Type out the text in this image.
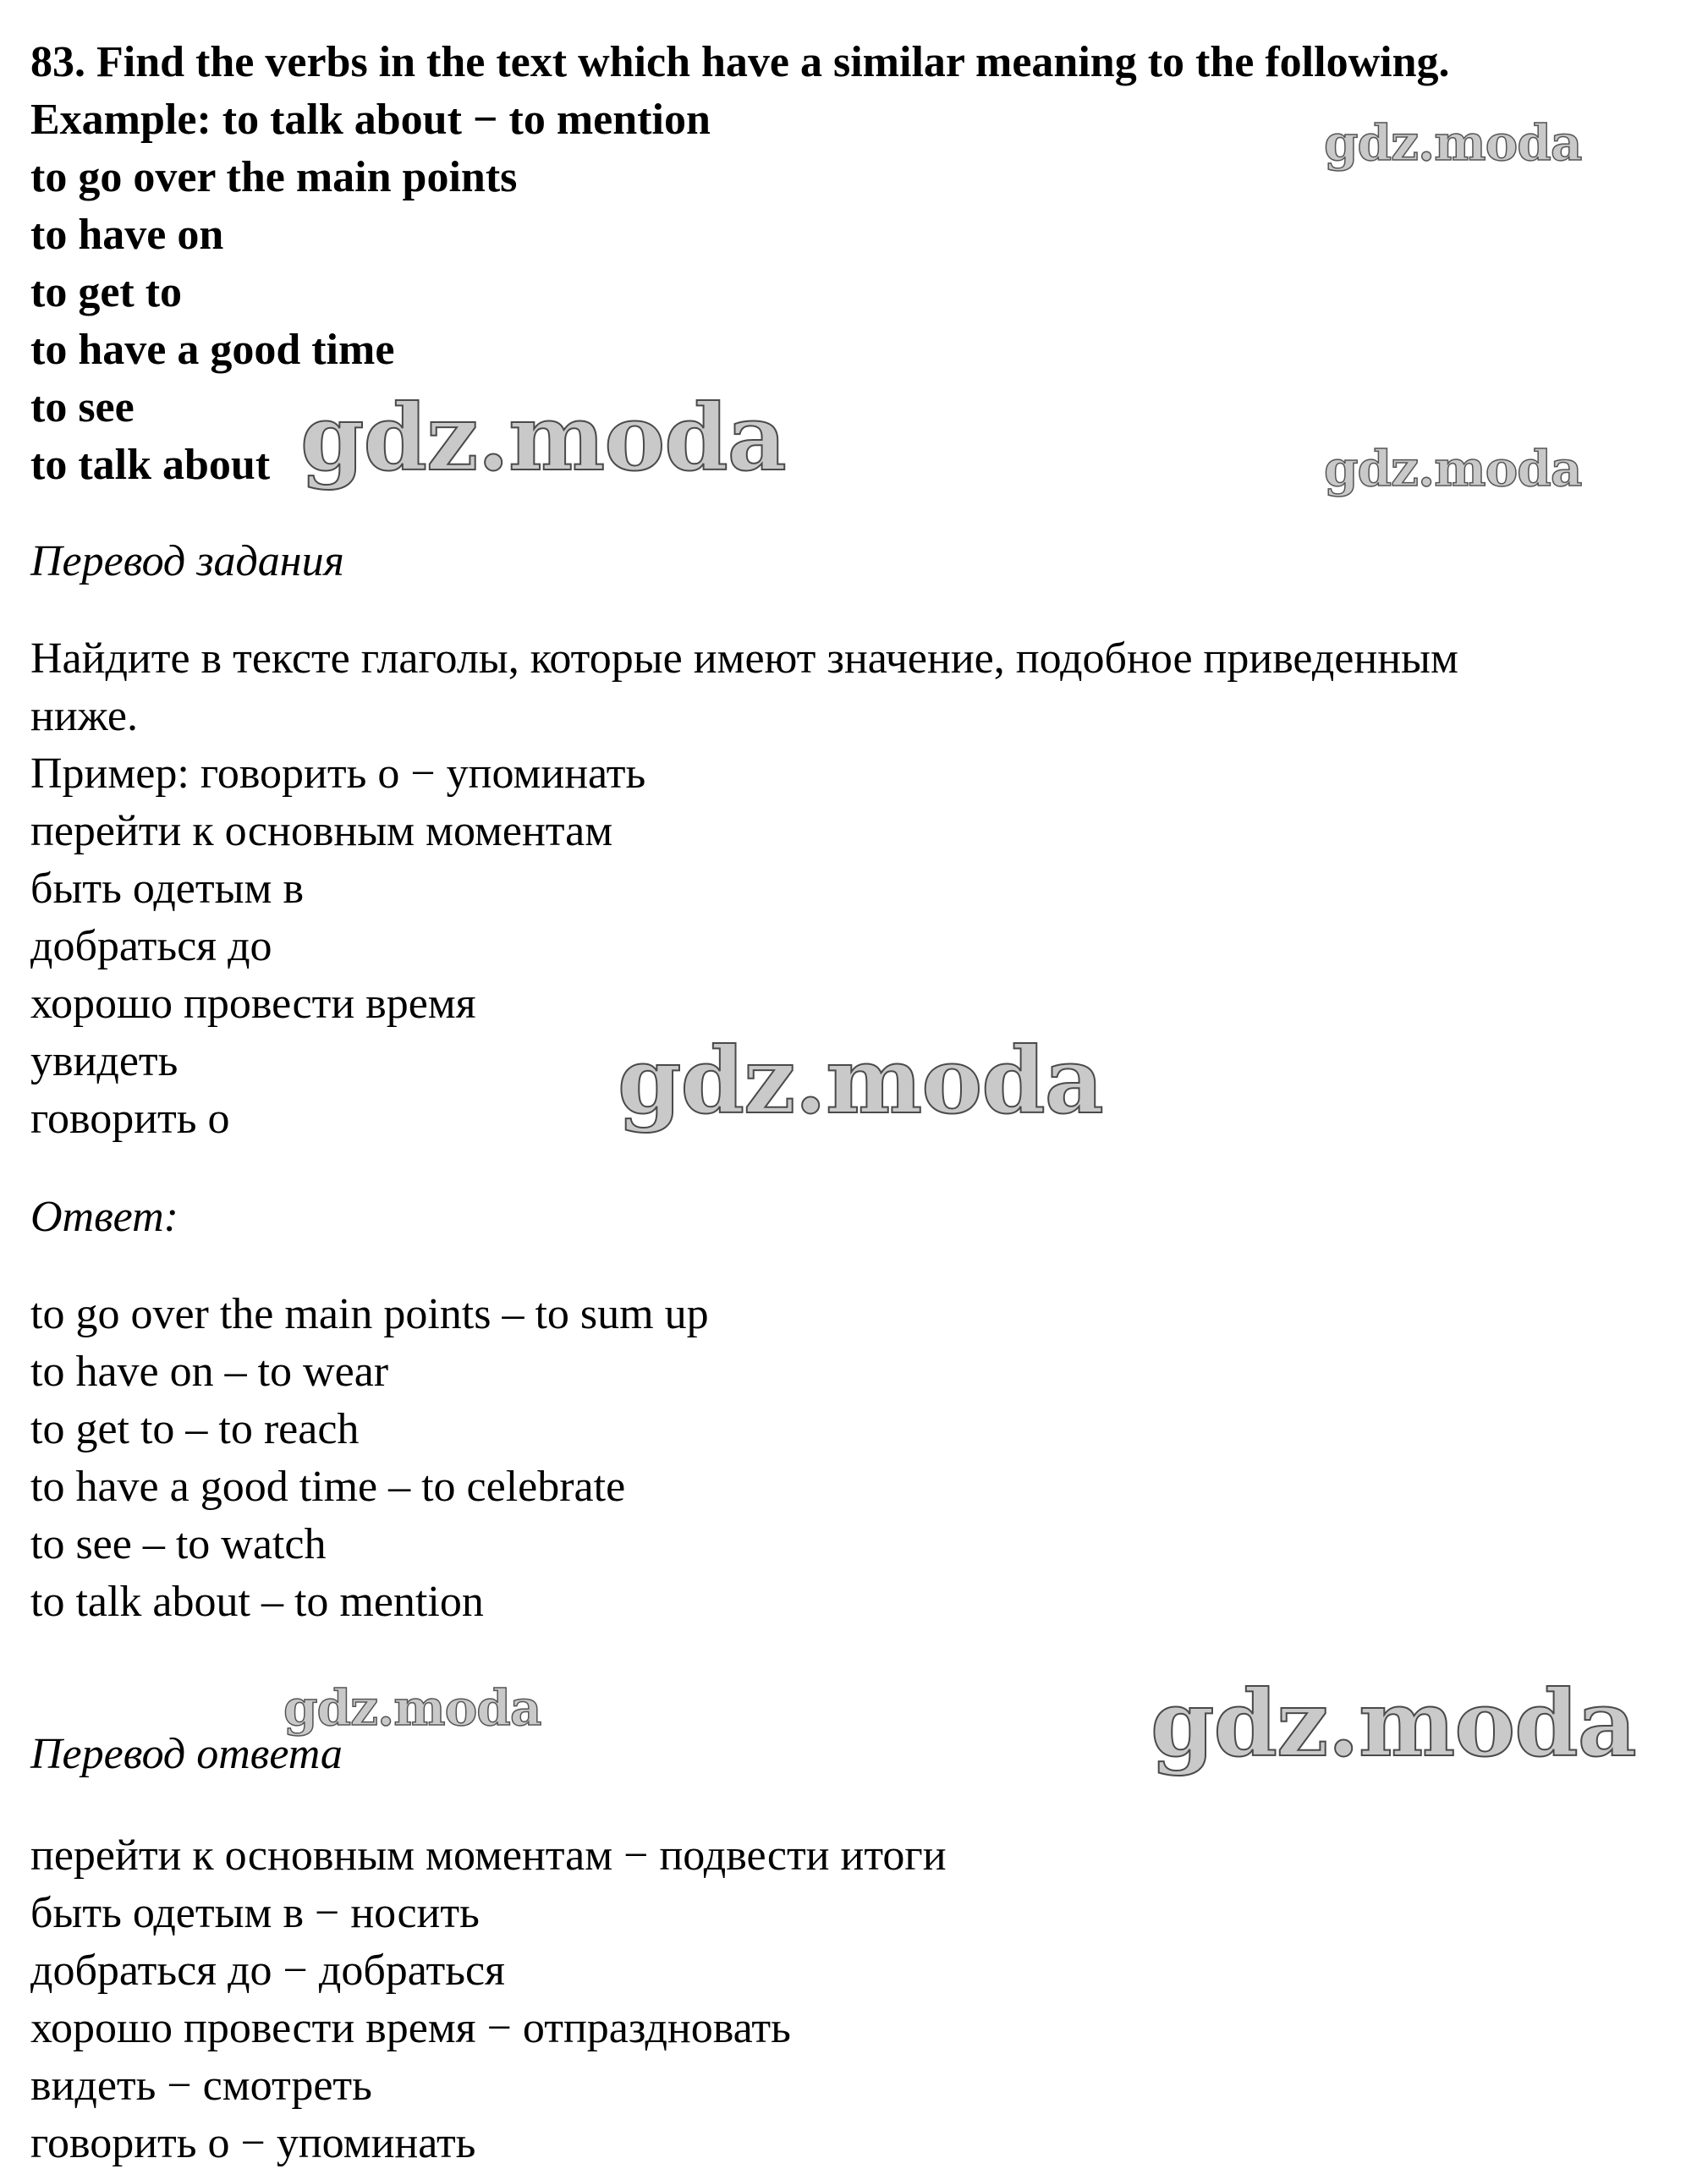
83. Find the verbs in the text which have a similar meaning to the following.
Example: to talk about − to mention
to go over the main points
to have on
to get to
to have a good time
to see
to talk about
Перевод задания
Найдите в тексте глаголы, которые имеют значение, подобное приведенным
ниже.
Пример: говорить о − упоминать
перейти к основным моментам
быть одетым в
добраться до
хорошо провести время
увидеть
говорить о
Ответ:
to go over the main points – to sum up
to have on – to wear
to get to – to reach
to have a good time – to celebrate
to see – to watch
to talk about – to mention
Перевод ответа
перейти к основным моментам − подвести итоги
быть одетым в − носить
добраться до − добраться
хорошо провести время − отпраздновать
видеть − смотреть
говорить о − упоминать
gdz.moda
gdz.moda	gdz.moda
gdz.moda
gdz.moda	gdz.moda
